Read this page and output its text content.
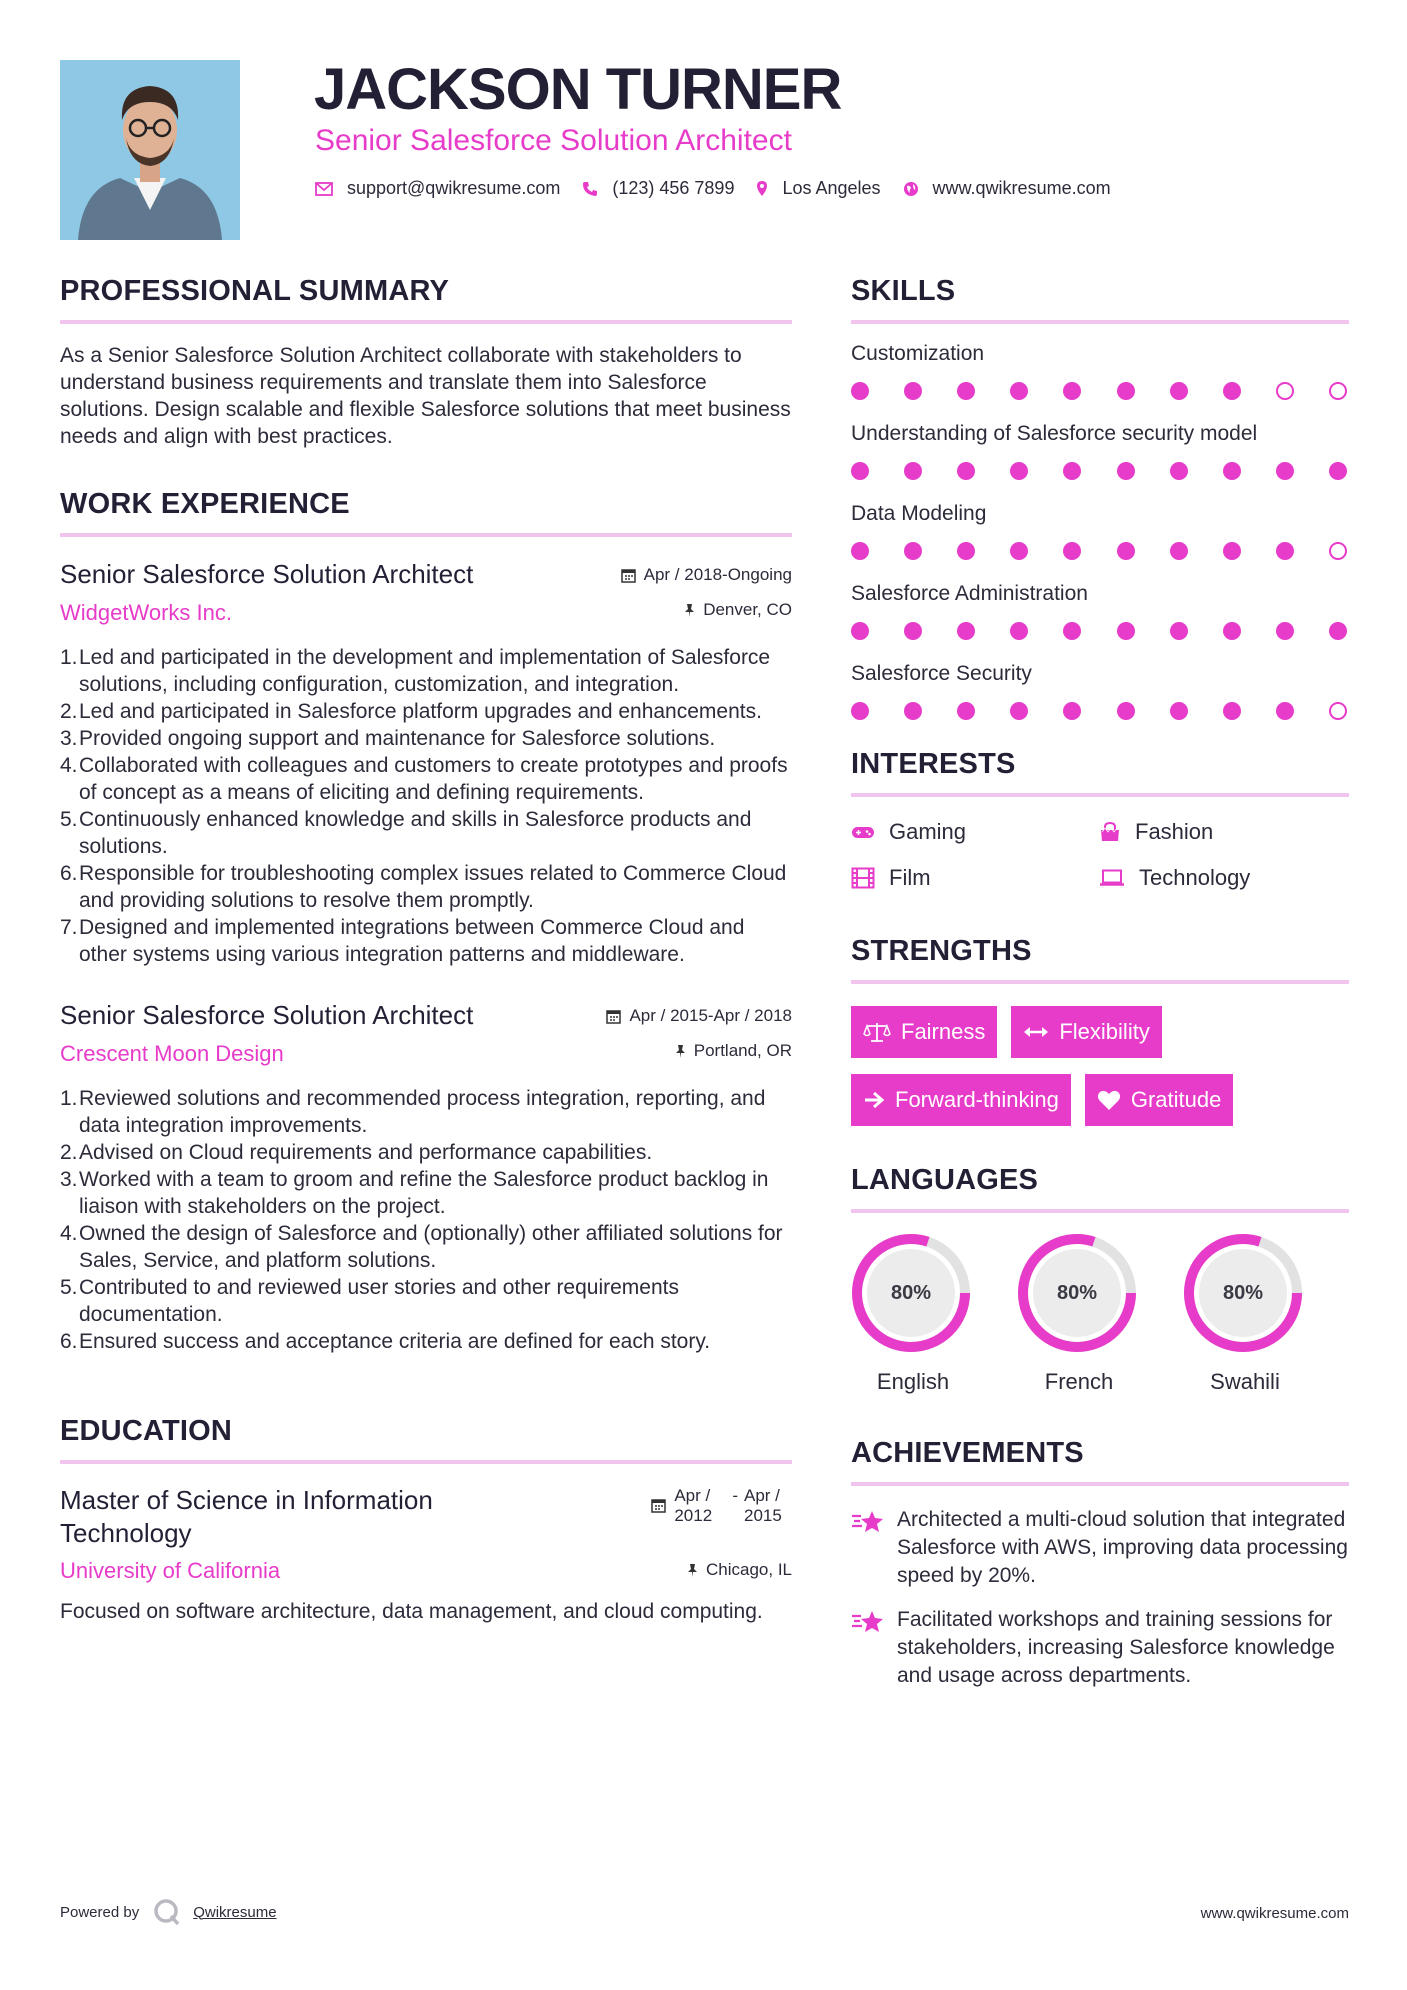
JACKSON TURNER
Senior Salesforce Solution Architect
support@qwikresume.com	(123) 456 7899	Los Angeles	www.qwikresume.com
PROFESSIONAL SUMMARY

As a Senior Salesforce Solution Architect collaborate with stakeholders to understand business requirements and translate them into Salesforce solutions. Design scalable and flexible Salesforce solutions that meet business needs and align with best practices.

WORK EXPERIENCE
Senior Salesforce Solution Architect	Apr / 2018-Ongoing
WidgetWorks Inc.	Denver, CO
1. Led and participated in the development and implementation of Salesforce solutions, including configuration, customization, and integration.
2. Led and participated in Salesforce platform upgrades and enhancements.
3. Provided ongoing support and maintenance for Salesforce solutions.
4. Collaborated with colleagues and customers to create prototypes and proofs of concept as a means of eliciting and defining requirements.
5. Continuously enhanced knowledge and skills in Salesforce products and solutions.
6. Responsible for troubleshooting complex issues related to Commerce Cloud and providing solutions to resolve them promptly.
7. Designed and implemented integrations between Commerce Cloud and other systems using various integration patterns and middleware.
Senior Salesforce Solution Architect	Apr / 2015-Apr / 2018
Crescent Moon Design	Portland, OR
1. Reviewed solutions and recommended process integration, reporting, and data integration improvements.
2. Advised on Cloud requirements and performance capabilities.
3. Worked with a team to groom and refine the Salesforce product backlog in liaison with stakeholders on the project.
4. Owned the design of Salesforce and (optionally) other affiliated solutions for Sales, Service, and platform solutions.
5. Contributed to and reviewed user stories and other requirements documentation.
6. Ensured success and acceptance criteria are defined for each story.
EDUCATION
Master of Science in Information Technology
Apr / 2012
- Apr / 2015
University of California	Chicago, IL

Focused on software architecture, data management, and cloud computing.

SKILLS
Customization
Understanding of Salesforce security model
Data Modeling
Salesforce Administration
Salesforce Security
INTERESTS
Gaming	Fashion
Film	Technology
STRENGTHS
Fairness	Flexibility
Forward-thinking	Gratitude
LANGUAGES
80%
English
80%
French
80%
Swahili
ACHIEVEMENTS
Architected a multi-cloud solution that integrated Salesforce with AWS, improving data processing speed by 20%.
Facilitated workshops and training sessions for stakeholders, increasing Salesforce knowledge and usage across departments.
Powered by	Qwikresume	www.qwikresume.com
